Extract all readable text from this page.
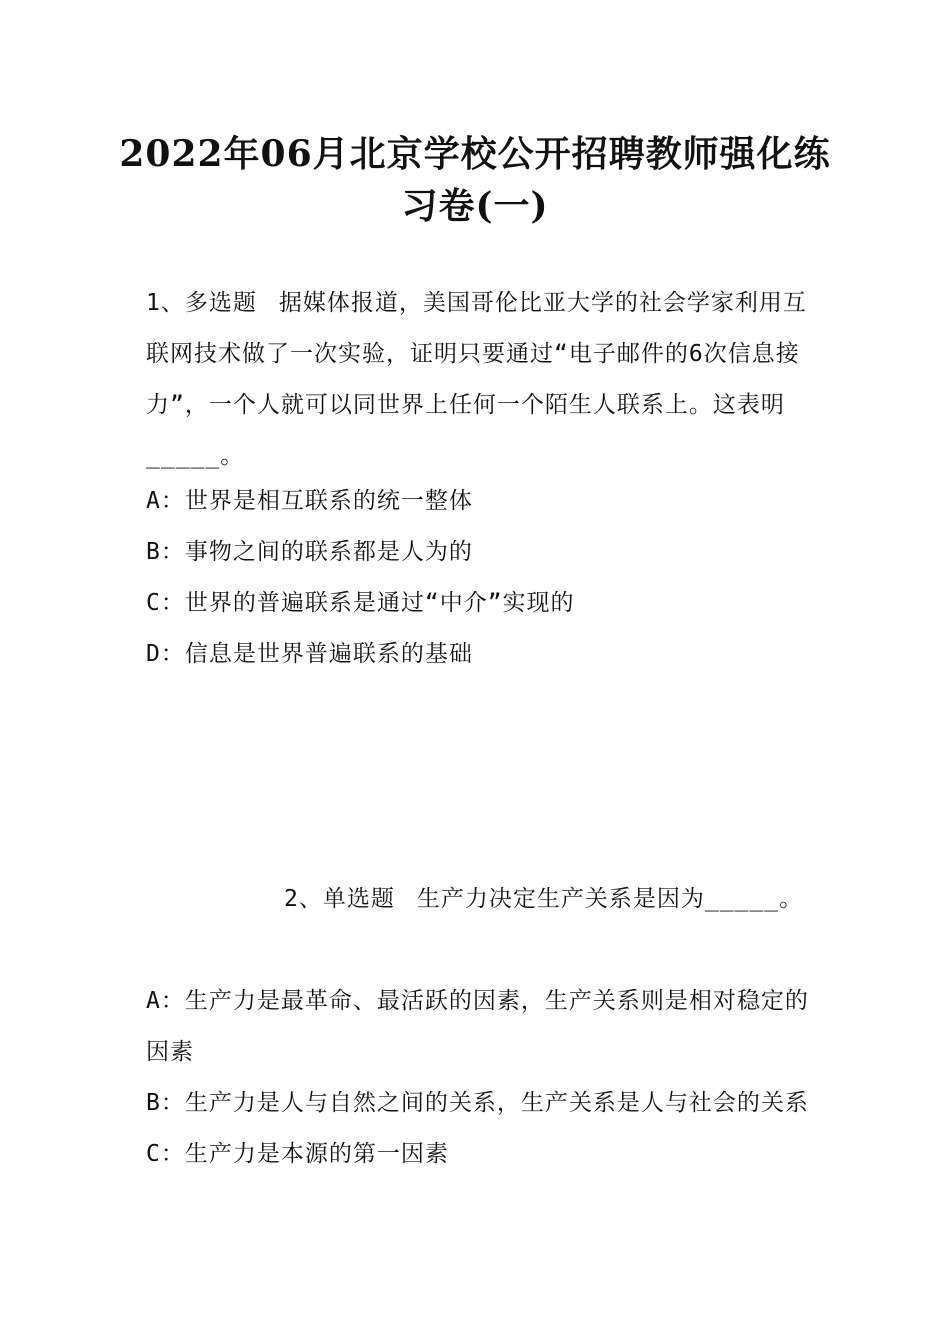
2022年06月北京学校公开招聘教师强化练
习卷(一)
1、多选题 据媒体报道，美国哥伦比亚大学的社会学家利用互联网技术做了一次实验，证明只要通过“电子邮件的6次信息接力”，一个人就可以同世界上任何一个陌生人联系上。这表明_____。
A：世界是相互联系的统一整体
B：事物之间的联系都是人为的
C：世界的普遍联系是通过“中介”实现的
D：信息是世界普遍联系的基础
2、单选题 生产力决定生产关系是因为_____。
A：生产力是最革命、最活跃的因素，生产关系则是相对稳定的因素
B：生产力是人与自然之间的关系，生产关系是人与社会的关系
C：生产力是本源的第一因素
